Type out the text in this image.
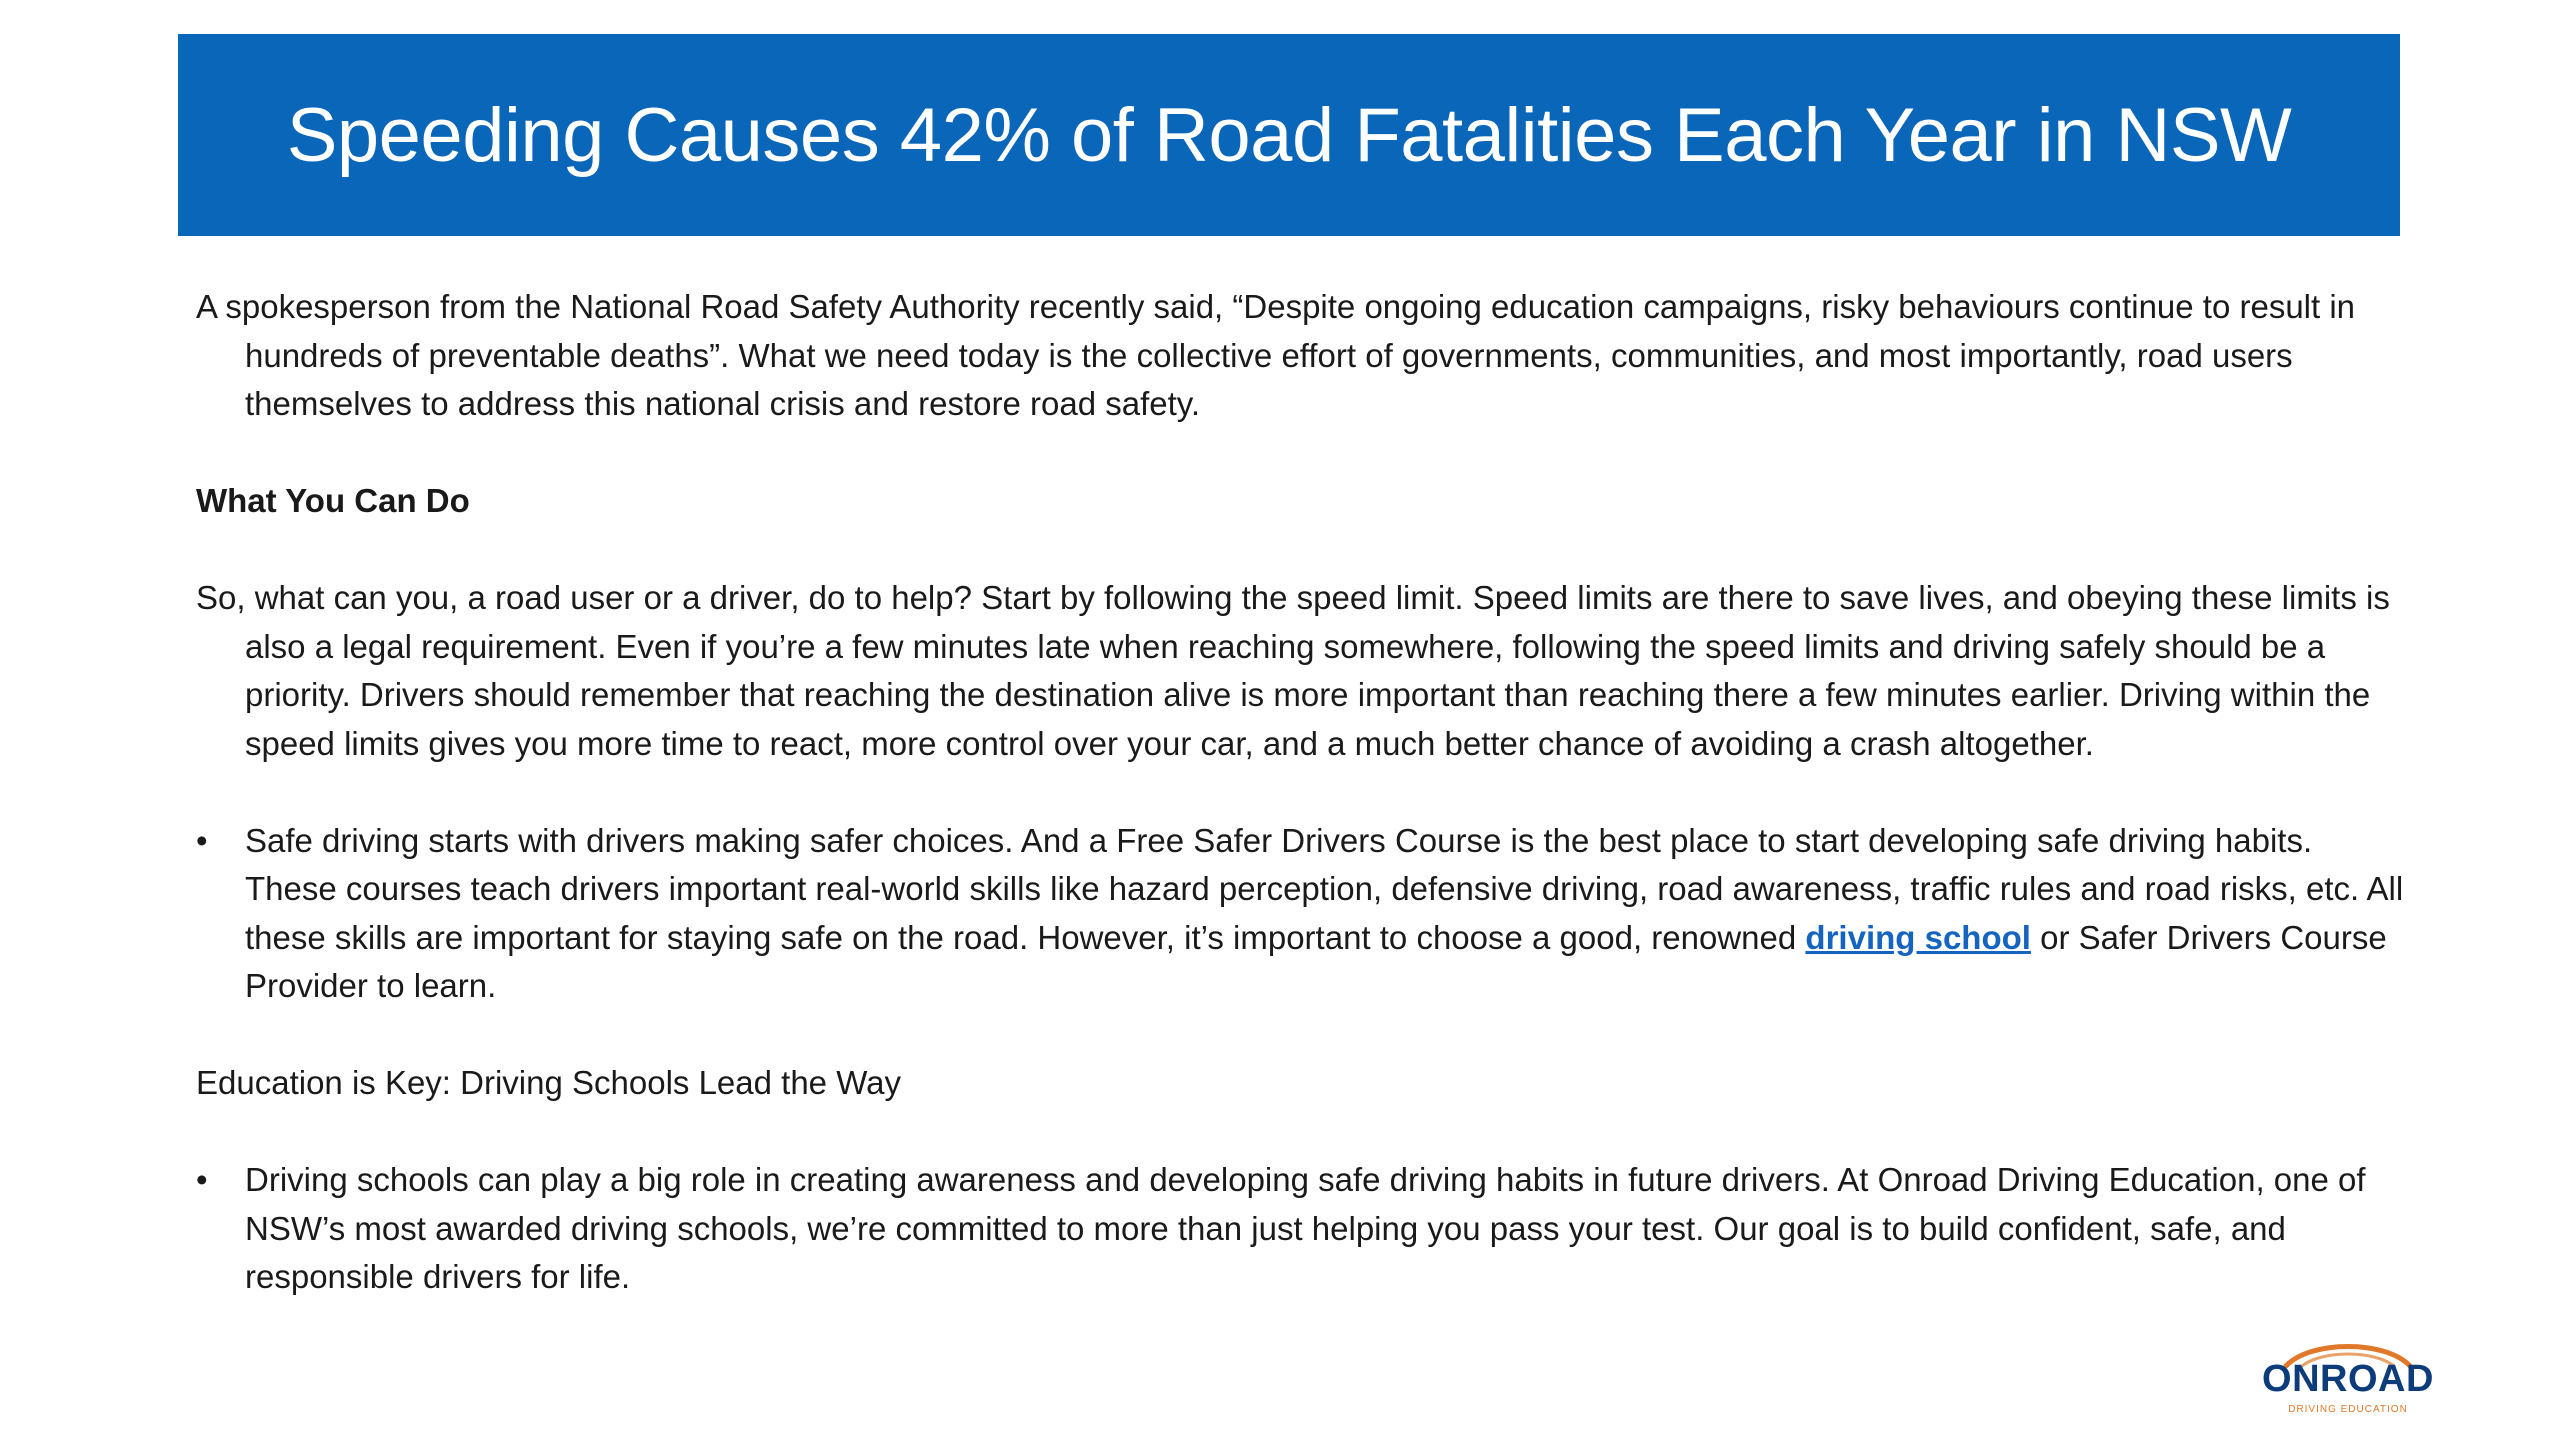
Speeding Causes 42% of Road Fatalities Each Year in NSW

A spokesperson from the National Road Safety Authority recently said, “Despite ongoing education campaigns, risky behaviours continue to result in hundreds of preventable deaths”. What we need today is the collective effort of governments, communities, and most importantly, road users themselves to address this national crisis and restore road safety.

What You Can Do

So, what can you, a road user or a driver, do to help? Start by following the speed limit. Speed limits are there to save lives, and obeying these limits is also a legal requirement. Even if you’re a few minutes late when reaching somewhere, following the speed limits and driving safely should be a priority. Drivers should remember that reaching the destination alive is more important than reaching there a few minutes earlier. Driving within the speed limits gives you more time to react, more control over your car, and a much better chance of avoiding a crash altogether.

•	Safe driving starts with drivers making safer choices. And a Free Safer Drivers Course is the best place to start developing safe driving habits. These courses teach drivers important real-world skills like hazard perception, defensive driving, road awareness, traffic rules and road risks, etc. All these skills are important for staying safe on the road. However, it’s important to choose a good, renowned driving school or Safer Drivers Course Provider to learn.

Education is Key: Driving Schools Lead the Way

•	Driving schools can play a big role in creating awareness and developing safe driving habits in future drivers. At Onroad Driving Education, one of NSW’s most awarded driving schools, we’re committed to more than just helping you pass your test. Our goal is to build confident, safe, and responsible drivers for life.

ONROAD
DRIVING EDUCATION
